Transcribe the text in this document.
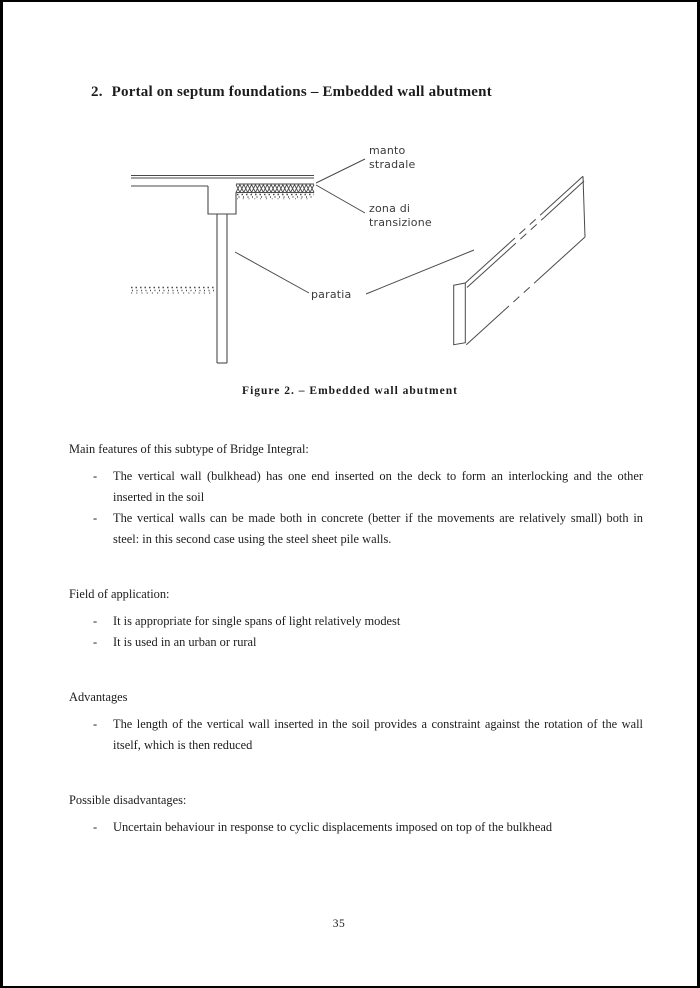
2. Portal on septum foundations – Embedded wall abutment
manto
stradale
zona di
transizione
paratia
Figure 2. – Embedded wall abutment
Main features of this subtype of Bridge Integral:
-	The vertical wall (bulkhead) has one end inserted on the deck to form an interlocking and the other inserted in the soil
-	The vertical walls can be made both in concrete (better if the movements are relatively small) both in steel: in this second case using the steel sheet pile walls.
Field of application:
-	It is appropriate for single spans of light relatively modest
-	It is used in an urban or rural
Advantages
-	The length of the vertical wall inserted in the soil provides a constraint against the rotation of the wall itself, which is then reduced
Possible disadvantages:
-	Uncertain behaviour in response to cyclic displacements imposed on top of the bulkhead
35
